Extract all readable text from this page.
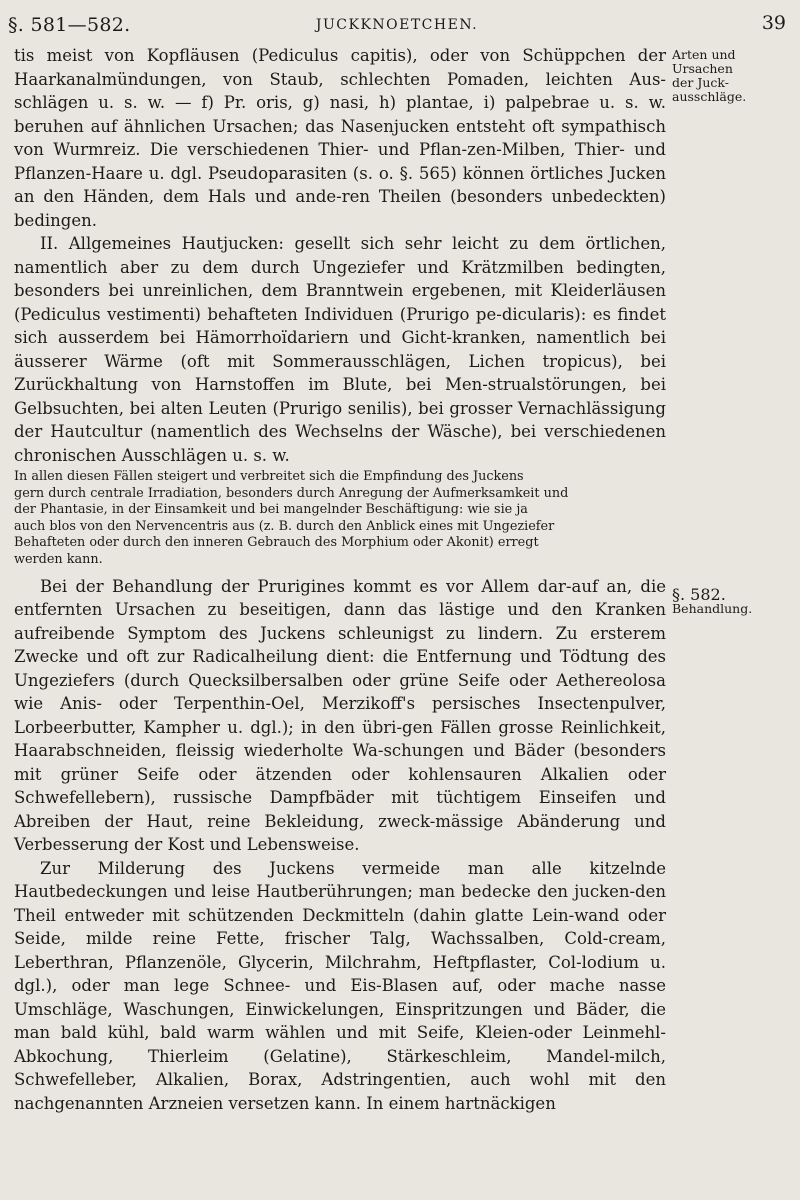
§. 581—582.	JUCKKNOETCHEN.	39
Arten und
Ursachen
der Juck-
ausschläge.
§. 582.
Behandlung.

tis meist von Kopfläusen (Pediculus capitis), oder von Schüppchen der Haarkanalmündungen, von Staub, schlechten Pomaden, leichten Aus-schlägen u. s. w. — f) Pr. oris, g) nasi, h) plantae, i) palpebrae u. s. w. beruhen auf ähnlichen Ursachen; das Nasenjucken entsteht oft sympathisch von Wurmreiz. Die verschiedenen Thier- und Pflan-zen-Milben, Thier- und Pflanzen-Haare u. dgl. Pseudoparasiten (s. o. §. 565) können örtliches Jucken an den Händen, dem Hals und ande-ren Theilen (besonders unbedeckten) bedingen.

II. Allgemeines Hautjucken: gesellt sich sehr leicht zu dem örtlichen, namentlich aber zu dem durch Ungeziefer und Krätzmilben bedingten, besonders bei unreinlichen, dem Branntwein ergebenen, mit Kleiderläusen (Pediculus vestimenti) behafteten Individuen (Prurigo pe-dicularis): es findet sich ausserdem bei Hämorrhoïdariern und Gicht-kranken, namentlich bei äusserer Wärme (oft mit Sommerausschlägen, Lichen tropicus), bei Zurückhaltung von Harnstoffen im Blute, bei Men-strualstörungen, bei Gelbsuchten, bei alten Leuten (Prurigo senilis), bei grosser Vernachlässigung der Hautcultur (namentlich des Wechselns der Wäsche), bei verschiedenen chronischen Ausschlägen u. s. w.

In allen diesen Fällen steigert und verbreitet sich die Empfindung des Juckens
gern durch centrale Irradiation, besonders durch Anregung der Aufmerksamkeit und
der Phantasie, in der Einsamkeit und bei mangelnder Beschäftigung: wie sie ja
auch blos von den Nervencentris aus (z. B. durch den Anblick eines mit Ungeziefer
Behafteten oder durch den inneren Gebrauch des Morphium oder Akonit) erregt
werden kann.

Bei der Behandlung der Prurigines kommt es vor Allem dar-auf an, die entfernten Ursachen zu beseitigen, dann das lästige und den Kranken aufreibende Symptom des Juckens schleunigst zu lindern. Zu ersterem Zwecke und oft zur Radicalheilung dient: die Entfernung und Tödtung des Ungeziefers (durch Quecksilbersalben oder grüne Seife oder Aethereolosa wie Anis- oder Terpenthin-Oel, Merzikoff's persisches Insectenpulver, Lorbeerbutter, Kampher u. dgl.); in den übri-gen Fällen grosse Reinlichkeit, Haarabschneiden, fleissig wiederholte Wa-schungen und Bäder (besonders mit grüner Seife oder ätzenden oder kohlensauren Alkalien oder Schwefellebern), russische Dampfbäder mit tüchtigem Einseifen und Abreiben der Haut, reine Bekleidung, zweck-mässige Abänderung und Verbesserung der Kost und Lebensweise.

Zur Milderung des Juckens vermeide man alle kitzelnde Hautbedeckungen und leise Hautberührungen; man bedecke den jucken-den Theil entweder mit schützenden Deckmitteln (dahin glatte Lein-wand oder Seide, milde reine Fette, frischer Talg, Wachssalben, Cold-cream, Leberthran, Pflanzenöle, Glycerin, Milchrahm, Heftpflaster, Col-lodium u. dgl.), oder man lege Schnee- und Eis-Blasen auf, oder mache nasse Umschläge, Waschungen, Einwickelungen, Einspritzungen und Bäder, die man bald kühl, bald warm wählen und mit Seife, Kleien-oder Leinmehl-Abkochung, Thierleim (Gelatine), Stärkeschleim, Mandel-milch, Schwefelleber, Alkalien, Borax, Adstringentien, auch wohl mit den nachgenannten Arzneien versetzen kann. In einem hartnäckigen
